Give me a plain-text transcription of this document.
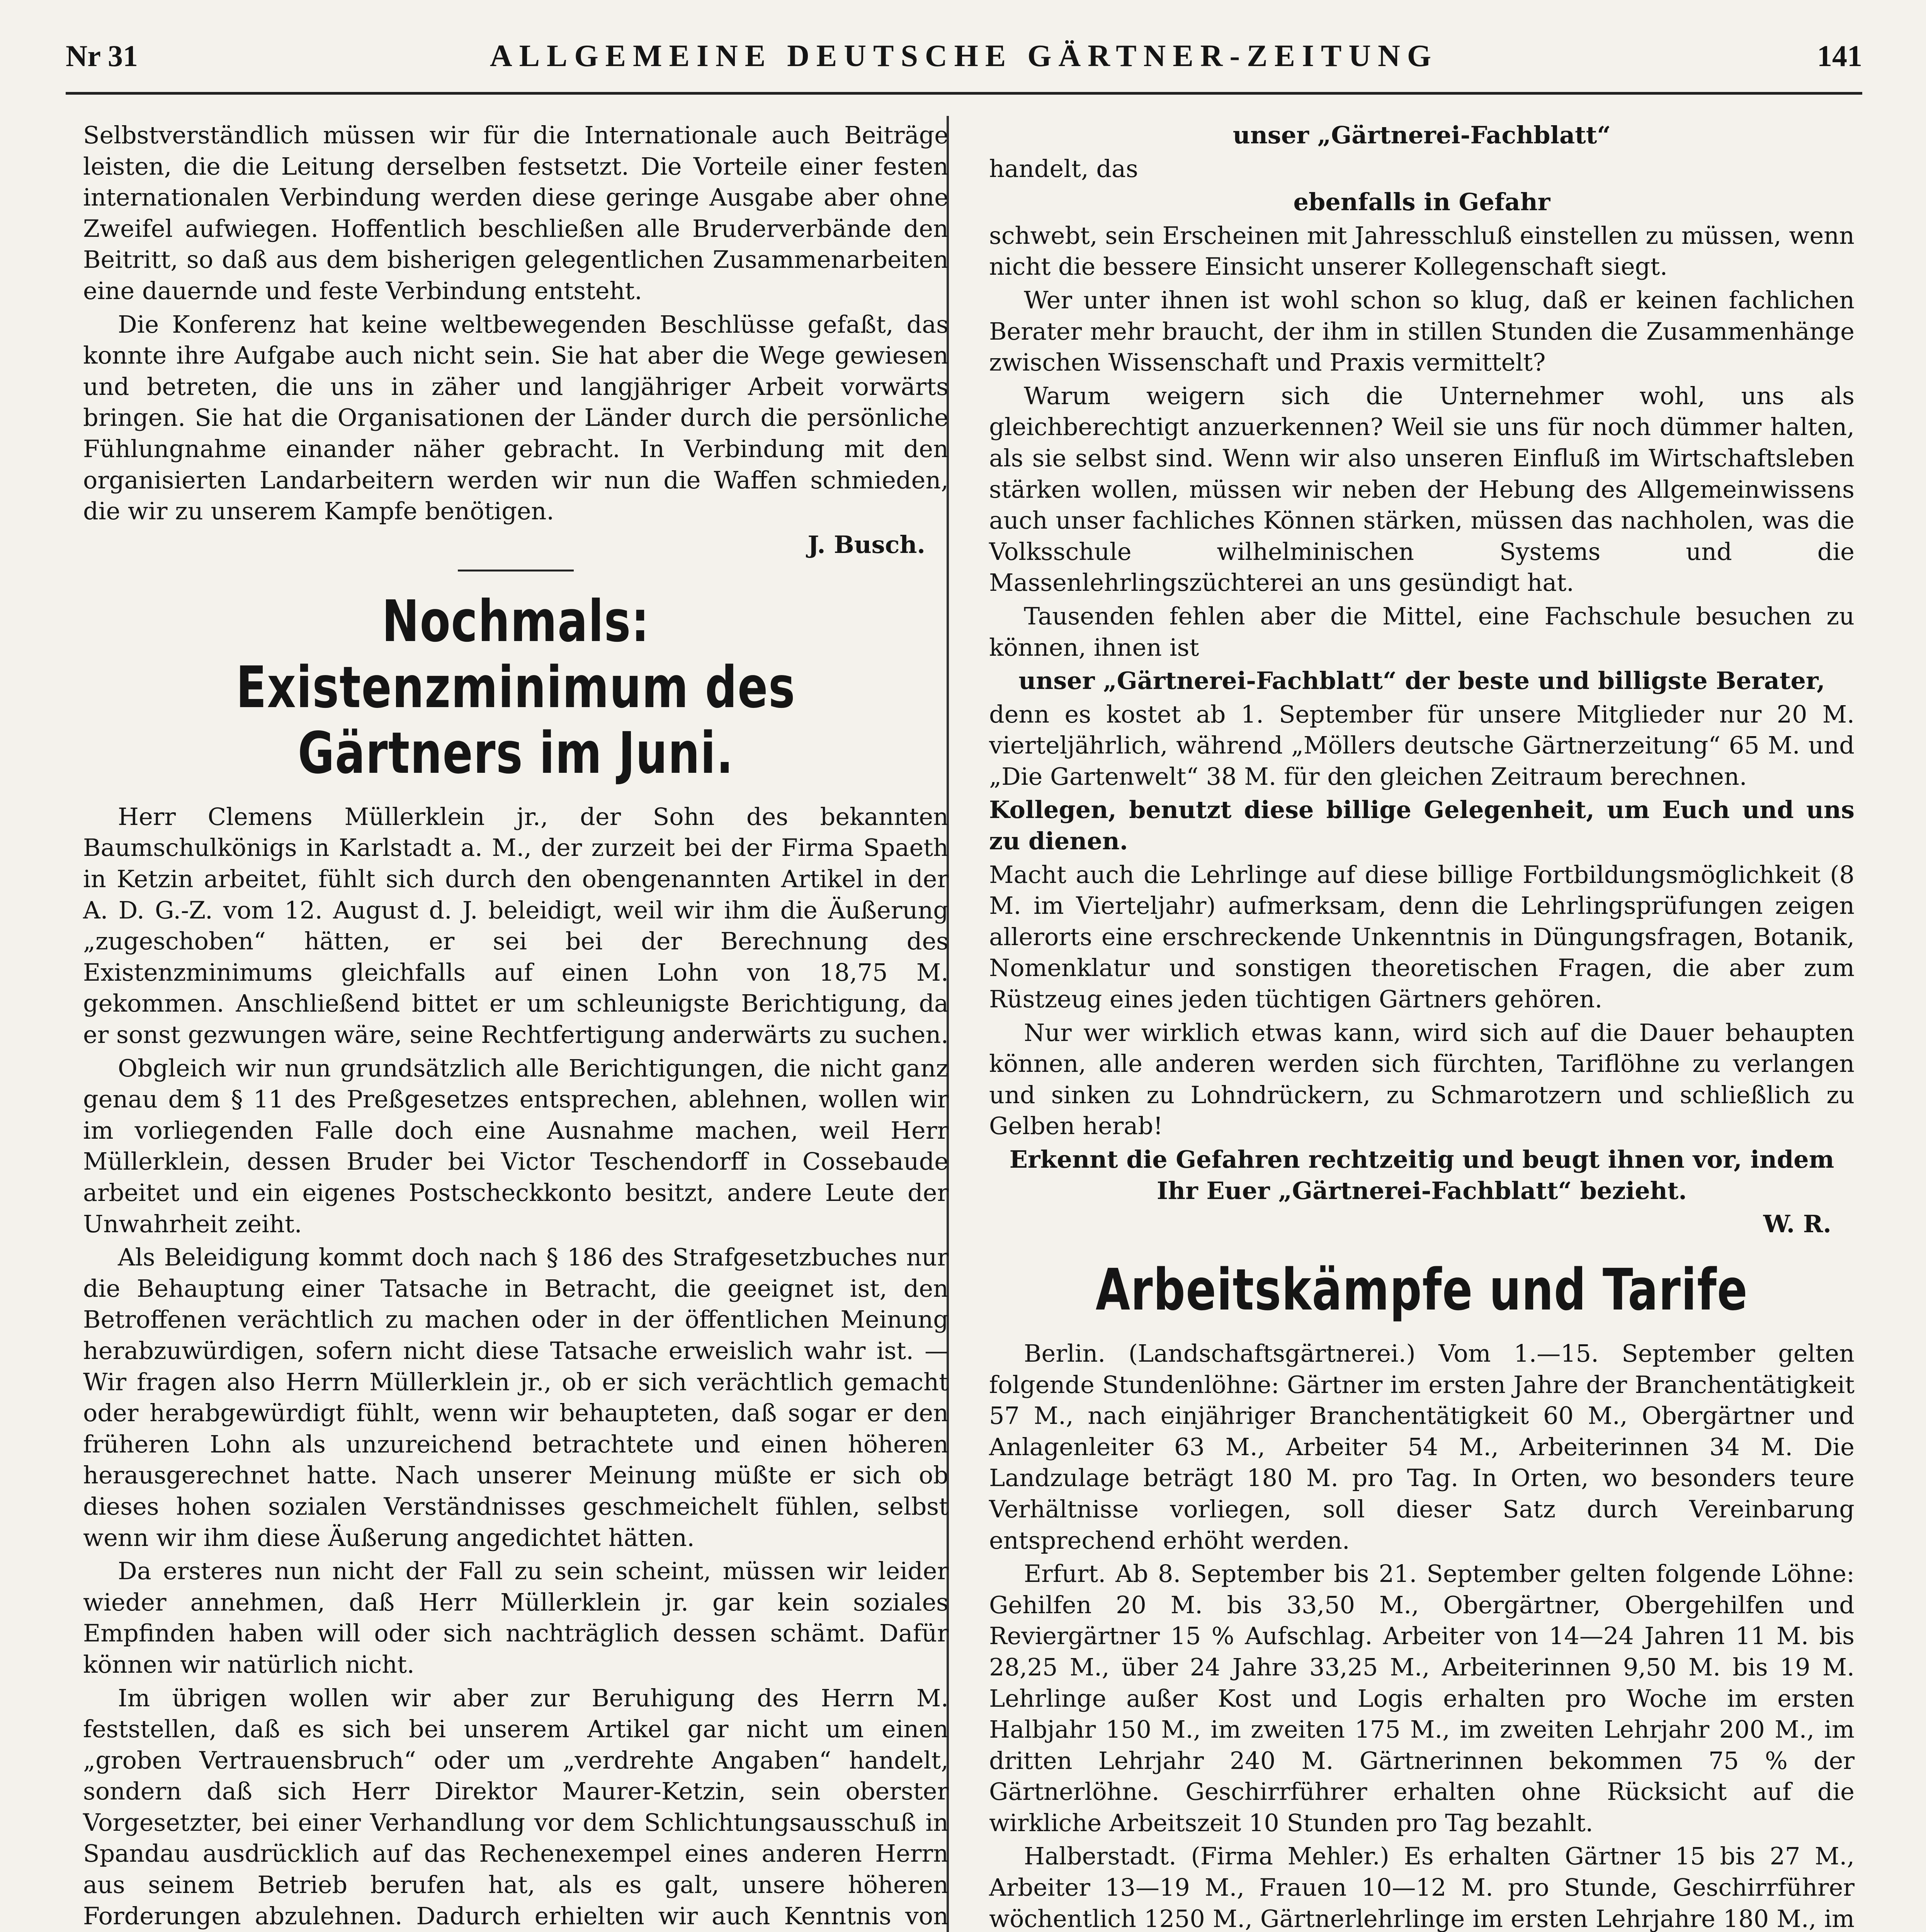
Nr 31	ALLGEMEINE DEUTSCHE GÄRTNER-ZEITUNG	141

Selbstverständlich müssen wir für die Internationale auch Beiträge leisten, die die Leitung derselben festsetzt. Die Vorteile einer festen internationalen Verbindung werden diese geringe Ausgabe aber ohne Zweifel aufwiegen. Hoffentlich beschließen alle Bruderverbände den Beitritt, so daß aus dem bisherigen gelegentlichen Zusammenarbeiten eine dauernde und feste Verbindung entsteht.

Die Konferenz hat keine weltbewegenden Beschlüsse gefaßt, das konnte ihre Aufgabe auch nicht sein. Sie hat aber die Wege gewiesen und betreten, die uns in zäher und langjähriger Arbeit vorwärts bringen. Sie hat die Organisationen der Länder durch die persönliche Fühlungnahme einander näher gebracht. In Verbindung mit den organisierten Landarbeitern werden wir nun die Waffen schmieden, die wir zu unserem Kampfe benötigen.

J. Busch.

Nochmals: Existenzminimum des Gärtners im Juni.

Herr Clemens Müllerklein jr., der Sohn des bekannten Baumschulkönigs in Karlstadt a. M., der zurzeit bei der Firma Spaeth in Ketzin arbeitet, fühlt sich durch den obengenannten Artikel in der A. D. G.-Z. vom 12. August d. J. beleidigt, weil wir ihm die Äußerung „zugeschoben“ hätten, er sei bei der Berechnung des Existenzminimums gleichfalls auf einen Lohn von 18,75 M. gekommen. Anschließend bittet er um schleunigste Berichtigung, da er sonst gezwungen wäre, seine Rechtfertigung anderwärts zu suchen.

Obgleich wir nun grundsätzlich alle Berichtigungen, die nicht ganz genau dem § 11 des Preßgesetzes entsprechen, ablehnen, wollen wir im vorliegenden Falle doch eine Ausnahme machen, weil Herr Müllerklein, dessen Bruder bei Victor Teschendorff in Cossebaude arbeitet und ein eigenes Postscheckkonto besitzt, andere Leute der Unwahrheit zeiht.

Als Beleidigung kommt doch nach § 186 des Strafgesetzbuches nur die Behauptung einer Tatsache in Betracht, die geeignet ist, den Betroffenen verächtlich zu machen oder in der öffentlichen Meinung herabzuwürdigen, sofern nicht diese Tatsache erweislich wahr ist. — Wir fragen also Herrn Müllerklein jr., ob er sich verächtlich gemacht oder herabgewürdigt fühlt, wenn wir behaupteten, daß sogar er den früheren Lohn als unzureichend betrachtete und einen höheren herausgerechnet hatte. Nach unserer Meinung müßte er sich ob dieses hohen sozialen Verständnisses geschmeichelt fühlen, selbst wenn wir ihm diese Äußerung angedichtet hätten.

Da ersteres nun nicht der Fall zu sein scheint, müssen wir leider wieder annehmen, daß Herr Müllerklein jr. gar kein soziales Empfinden haben will oder sich nachträglich dessen schämt. Dafür können wir natürlich nicht.

Im übrigen wollen wir aber zur Beruhigung des Herrn M. feststellen, daß es sich bei unserem Artikel gar nicht um einen „groben Vertrauensbruch“ oder um „verdrehte Angaben“ handelt, sondern daß sich Herr Direktor Maurer-Ketzin, sein oberster Vorgesetzter, bei einer Verhandlung vor dem Schlichtungsausschuß in Spandau ausdrücklich auf das Rechenexempel eines anderen Herrn aus seinem Betrieb berufen hat, als es galt, unsere höheren Forderungen abzulehnen. Dadurch erhielten wir auch Kenntnis von

unser „Gärtnerei-Fachblatt“

handelt, das

ebenfalls in Gefahr

schwebt, sein Erscheinen mit Jahresschluß einstellen zu müssen, wenn nicht die bessere Einsicht unserer Kollegenschaft siegt.

Wer unter ihnen ist wohl schon so klug, daß er keinen fachlichen Berater mehr braucht, der ihm in stillen Stunden die Zusammenhänge zwischen Wissenschaft und Praxis vermittelt?

Warum weigern sich die Unternehmer wohl, uns als gleichberechtigt anzuerkennen? Weil sie uns für noch dümmer halten, als sie selbst sind. Wenn wir also unseren Einfluß im Wirtschaftsleben stärken wollen, müssen wir neben der Hebung des Allgemeinwissens auch unser fachliches Können stärken, müssen das nachholen, was die Volksschule wilhelminischen Systems und die Massenlehrlingszüchterei an uns gesündigt hat.

Tausenden fehlen aber die Mittel, eine Fachschule besuchen zu können, ihnen ist

unser „Gärtnerei-Fachblatt“ der beste und billigste Berater,

denn es kostet ab 1. September für unsere Mitglieder nur 20 M. vierteljährlich, während „Möllers deutsche Gärtnerzeitung“ 65 M. und „Die Gartenwelt“ 38 M. für den gleichen Zeitraum berechnen.

Kollegen, benutzt diese billige Gelegenheit, um Euch und uns zu dienen.

Macht auch die Lehrlinge auf diese billige Fortbildungsmöglichkeit (8 M. im Vierteljahr) aufmerksam, denn die Lehrlingsprüfungen zeigen allerorts eine erschreckende Unkenntnis in Düngungsfragen, Botanik, Nomenklatur und sonstigen theoretischen Fragen, die aber zum Rüstzeug eines jeden tüchtigen Gärtners gehören.

Nur wer wirklich etwas kann, wird sich auf die Dauer behaupten können, alle anderen werden sich fürchten, Tariflöhne zu verlangen und sinken zu Lohndrückern, zu Schmarotzern und schließlich zu Gelben herab!

Erkennt die Gefahren rechtzeitig und beugt ihnen vor, indem Ihr Euer „Gärtnerei-Fachblatt“ bezieht.

W. R.

Arbeitskämpfe und Tarife

Berlin. (Landschaftsgärtnerei.) Vom 1.—15. September gelten folgende Stundenlöhne: Gärtner im ersten Jahre der Branchentätigkeit 57 M., nach einjähriger Branchentätigkeit 60 M., Obergärtner und Anlagenleiter 63 M., Arbeiter 54 M., Arbeiterinnen 34 M. Die Landzulage beträgt 180 M. pro Tag. In Orten, wo besonders teure Verhältnisse vorliegen, soll dieser Satz durch Vereinbarung entsprechend erhöht werden.

Erfurt. Ab 8. September bis 21. September gelten folgende Löhne: Gehilfen 20 M. bis 33,50 M., Obergärtner, Obergehilfen und Reviergärtner 15 % Aufschlag. Arbeiter von 14—24 Jahren 11 M. bis 28,25 M., über 24 Jahre 33,25 M., Arbeiterinnen 9,50 M. bis 19 M. Lehrlinge außer Kost und Logis erhalten pro Woche im ersten Halbjahr 150 M., im zweiten 175 M., im zweiten Lehrjahr 200 M., im dritten Lehrjahr 240 M. Gärtnerinnen bekommen 75 % der Gärtnerlöhne. Geschirrführer erhalten ohne Rücksicht auf die wirkliche Arbeitszeit 10 Stunden pro Tag bezahlt.

Halberstadt. (Firma Mehler.) Es erhalten Gärtner 15 bis 27 M., Arbeiter 13—19 M., Frauen 10—12 M. pro Stunde, Geschirrführer wöchentlich 1250 M., Gärtnerlehrlinge im ersten Lehrjahre 180 M., im
